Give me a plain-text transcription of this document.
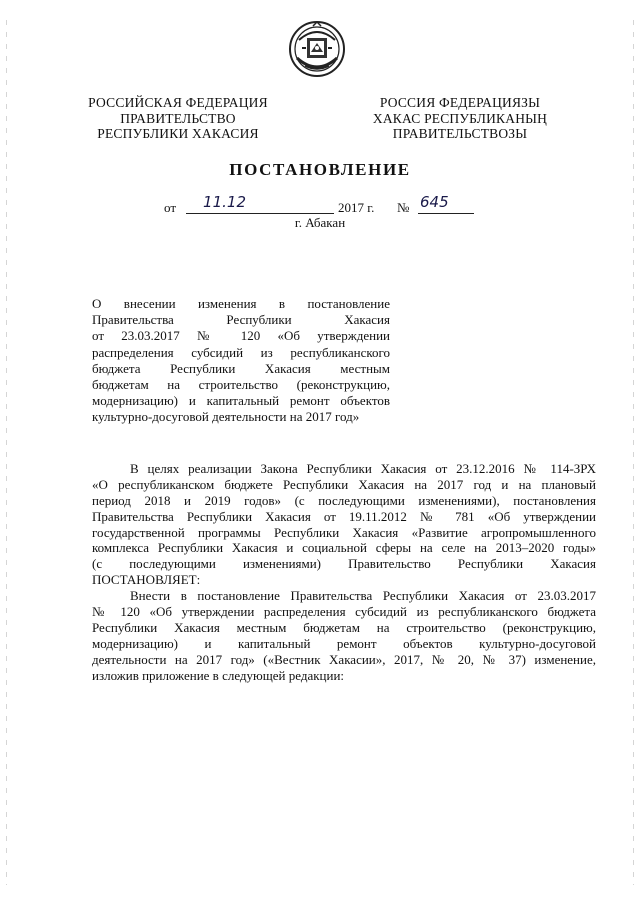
РОССИЙСКАЯ ФЕДЕРАЦИЯ
ПРАВИТЕЛЬСТВО
РЕСПУБЛИКИ ХАКАСИЯ
РОССИЯ ФЕДЕРАЦИЯЗЫ
ХАКАС РЕСПУБЛИКАНЫҢ
ПРАВИТЕЛЬСТВОЗЫ
ПОСТАНОВЛЕНИЕ
от	11.12	2017 г. № 645
г. Абакан
О внесении изменения в постановление
Правительства Республики Хакасия
от 23.03.2017 № 120 «Об утверждении
распределения субсидий из республиканского
бюджета Республики Хакасия местным
бюджетам на строительство (реконструкцию,
модернизацию) и капитальный ремонт объектов
культурно-досуговой деятельности на 2017 год»
В целях реализации Закона Республики Хакасия от 23.12.2016 № 114-ЗРХ
«О республиканском бюджете Республики Хакасия на 2017 год и на плановый
период 2018 и 2019 годов» (с последующими изменениями), постановления
Правительства Республики Хакасия от 19.11.2012 № 781 «Об утверждении
государственной программы Республики Хакасия «Развитие агропромышленного
комплекса Республики Хакасия и социальной сферы на селе на 2013–2020 годы»
(с последующими изменениями) Правительство Республики Хакасия
ПОСТАНОВЛЯЕТ:
Внести в постановление Правительства Республики Хакасия от 23.03.2017
№ 120 «Об утверждении распределения субсидий из республиканского бюджета
Республики Хакасия местным бюджетам на строительство (реконструкцию,
модернизацию) и капитальный ремонт объектов культурно-досуговой
деятельности на 2017 год» («Вестник Хакасии», 2017, № 20, № 37) изменение,
изложив приложение в следующей редакции:
